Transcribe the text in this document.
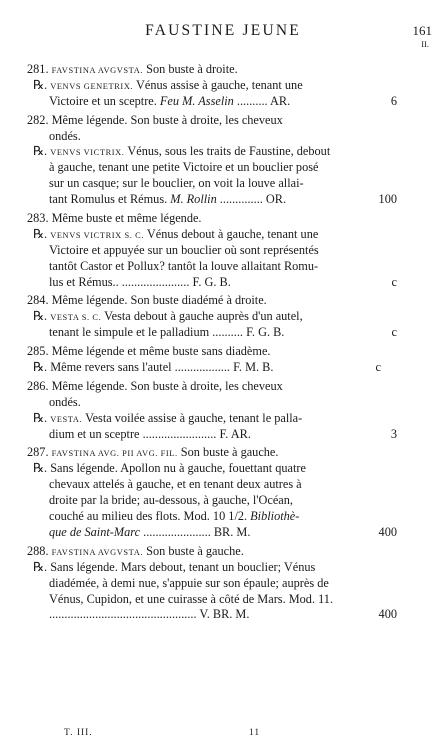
FAUSTINE JEUNE	161
II.
281. FAVSTINA AVGVSTA. Son buste à droite.
℞. VENVS GENETRIX. Vénus assise à gauche, tenant une
Victoire et un sceptre. Feu M. Asselin .......... AR.	6
282. Même légende. Son buste à droite, les cheveux
ondés.
℞. VENVS VICTRIX. Vénus, sous les traits de Faustine, debout
à gauche, tenant une petite Victoire et un bouclier posé
sur un casque; sur le bouclier, on voit la louve allai-
tant Romulus et Rémus. M. Rollin .............. OR.	100
283. Même buste et même légende.
℞. VENVS VICTRIX S. C. Vénus debout à gauche, tenant une
Victoire et appuyée sur un bouclier où sont représentés
tantôt Castor et Pollux? tantôt la louve allaitant Romu-
lus et Rémus.. ...................... F. G. B.	c
284. Même légende. Son buste diadémé à droite.
℞. VESTA S. C. Vesta debout à gauche auprès d'un autel,
tenant le simpule et le palladium .......... F. G. B.	c
285. Même légende et même buste sans diadème.
℞. Même revers sans l'autel .................. F. M. B.	c
286. Même légende. Son buste à droite, les cheveux
ondés.
℞. VESTA. Vesta voilée assise à gauche, tenant le palla-
dium et un sceptre ........................ F. AR.	3
287. FAVSTINA AVG. PII AVG. FIL. Son buste à gauche.
℞. Sans légende. Apollon nu à gauche, fouettant quatre
chevaux attelés à gauche, et en tenant deux autres à
droite par la bride; au-dessous, à gauche, l'Océan,
couché au milieu des flots. Mod. 10 1/2. Bibliothè-
que de Saint-Marc ...................... BR. M.	400
288. FAVSTINA AVGVSTA. Son buste à gauche.
℞. Sans légende. Mars debout, tenant un bouclier; Vénus
diadémée, à demi nue, s'appuie sur son épaule; auprès de
Vénus, Cupidon, et une cuirasse à côté de Mars. Mod. 11.
................................................ V. BR. M.	400
T. III.	11
